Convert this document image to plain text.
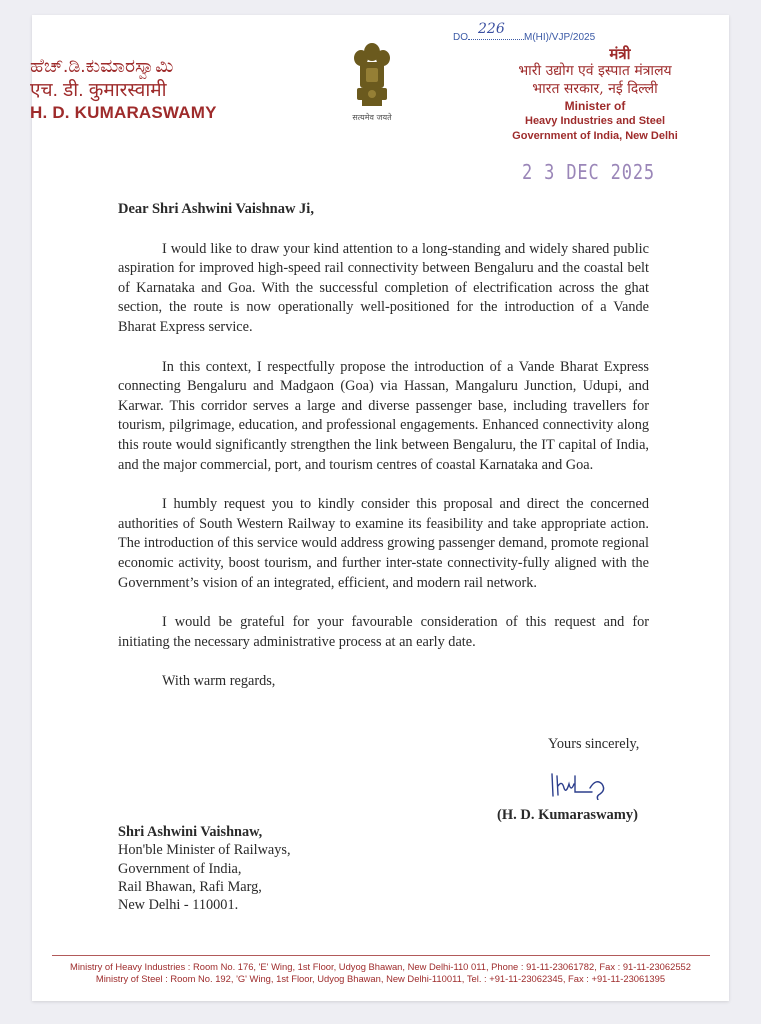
ಹೆಚ್.ಡಿ.ಕುಮಾರಸ್ವಾಮಿ
एच. डी. कुमारस्वामी
H. D. KUMARASWAMY	सत्यमेव जयते
DO
226
M(HI)/VJP/2025
मंत्री
भारी उद्योग एवं इस्पात मंत्रालय
भारत सरकार, नई दिल्ली
Minister of
Heavy Industries and Steel
Government of India, New Delhi
2 3 DEC 2025

Dear Shri Ashwini Vaishnaw Ji,

I would like to draw your kind attention to a long-standing and widely shared public aspiration for improved high-speed rail connectivity between Bengaluru and the coastal belt of Karnataka and Goa. With the successful completion of electrification across the ghat section, the route is now operationally well-positioned for the introduction of a Vande Bharat Express service.

In this context, I respectfully propose the introduction of a Vande Bharat Express connecting Bengaluru and Madgaon (Goa) via Hassan, Mangaluru Junction, Udupi, and Karwar. This corridor serves a large and diverse passenger base, including travellers for tourism, pilgrimage, education, and professional engagements. Enhanced connectivity along this route would significantly strengthen the link between Bengaluru, the IT capital of India, and the major commercial, port, and tourism centres of coastal Karnataka and Goa.

I humbly request you to kindly consider this proposal and direct the concerned authorities of South Western Railway to examine its feasibility and take appropriate action. The introduction of this service would address growing passenger demand, promote regional economic activity, boost tourism, and further inter-state connectivity-fully aligned with the Government’s vision of an integrated, efficient, and modern rail network.

I would be grateful for your favourable consideration of this request and for initiating the necessary administrative process at an early date.

With warm regards,

Yours sincerely,
(H. D. Kumaraswamy)
Shri Ashwini Vaishnaw,
Hon'ble Minister of Railways,
Government of India,
Rail Bhawan, Rafi Marg,
New Delhi - 110001.
Ministry of Heavy Industries : Room No. 176, 'E' Wing, 1st Floor, Udyog Bhawan, New Delhi-110 011, Phone : 91-11-23061782, Fax : 91-11-23062552
Ministry of Steel : Room No. 192, 'G' Wing, 1st Floor, Udyog Bhawan, New Delhi-110011, Tel. : +91-11-23062345, Fax : +91-11-23061395
